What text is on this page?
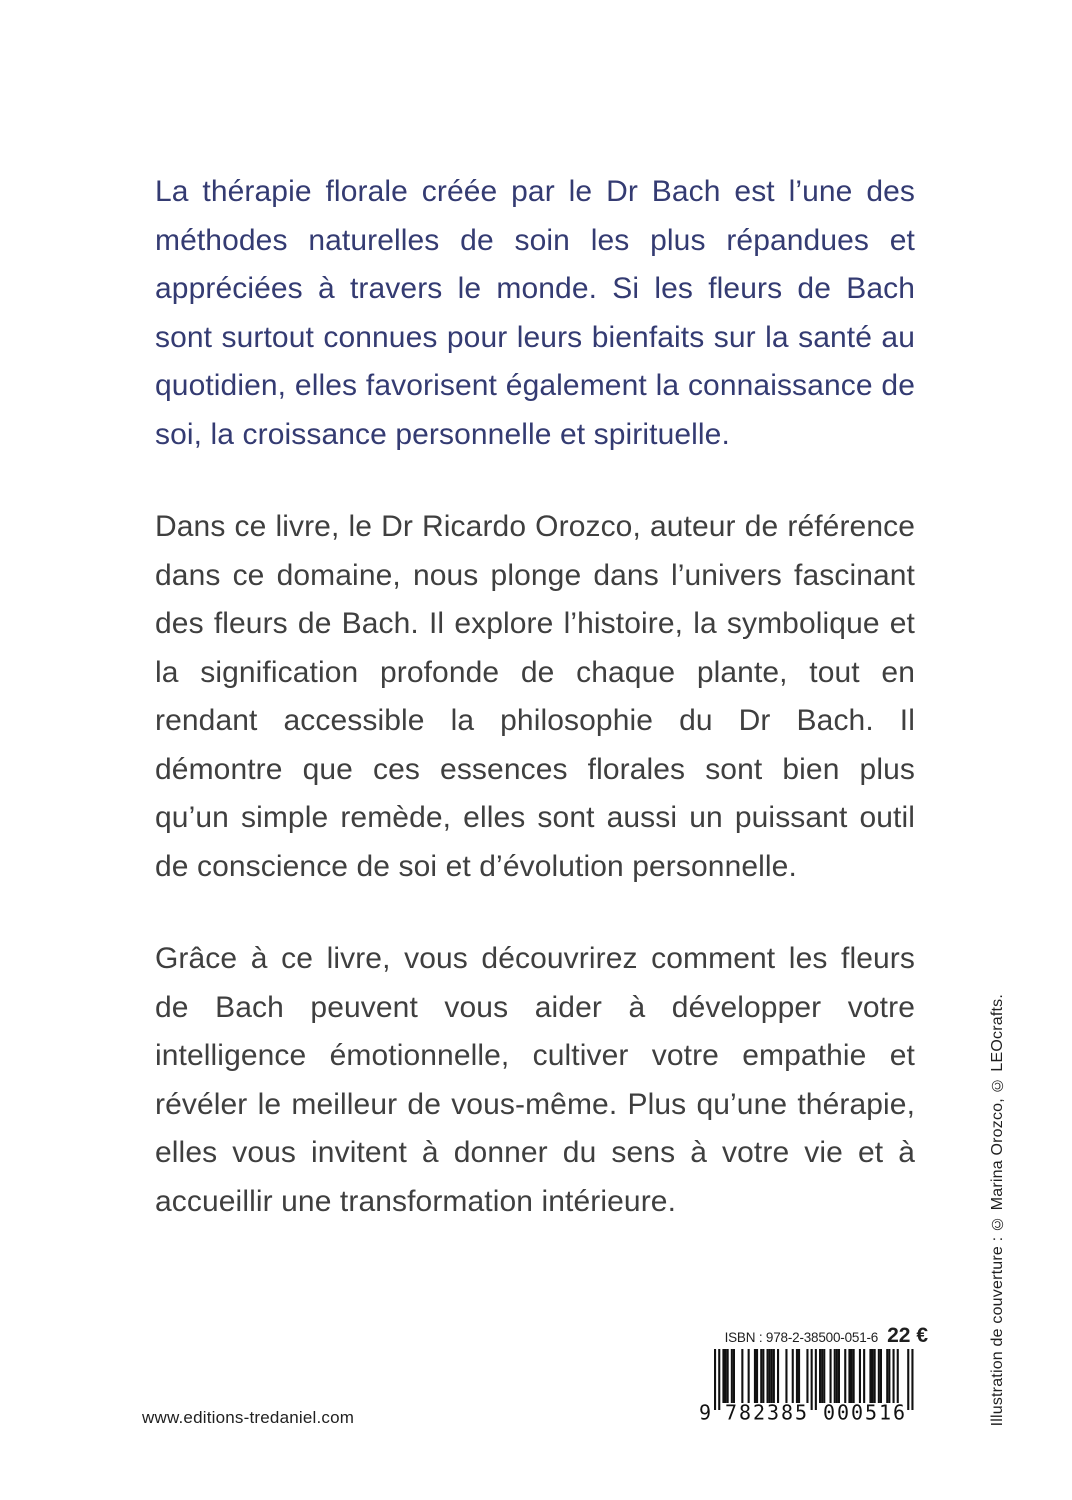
La thérapie florale créée par le Dr Bach est l’une des méthodes naturelles de soin les plus répandues et appréciées à travers le monde. Si les fleurs de Bach sont surtout connues pour leurs bienfaits sur la santé au quotidien, elles favorisent également la connaissance de soi, la croissance personnelle et spirituelle.

Dans ce livre, le Dr Ricardo Orozco, auteur de référence dans ce domaine, nous plonge dans l’univers fascinant des fleurs de Bach. Il explore l’histoire, la symbolique et la signification profonde de chaque plante, tout en rendant accessible la philosophie du Dr Bach. Il démontre que ces essences florales sont bien plus qu’un simple remède, elles sont aussi un puissant outil de conscience de soi et d’évolution personnelle.

Grâce à ce livre, vous découvrirez comment les fleurs de Bach peuvent vous aider à développer votre intelligence émotionnelle, cultiver votre empathie et révéler le meilleur de vous-même. Plus qu’une thérapie, elles vous invitent à donner du sens à votre vie et à accueillir une transformation intérieure.

www.editions-tredaniel.com
ISBN : 978-2-38500-051-6 22 €
9 782385 000516	Illustration de couverture : © Marina Orozco, © LEOcrafts.
